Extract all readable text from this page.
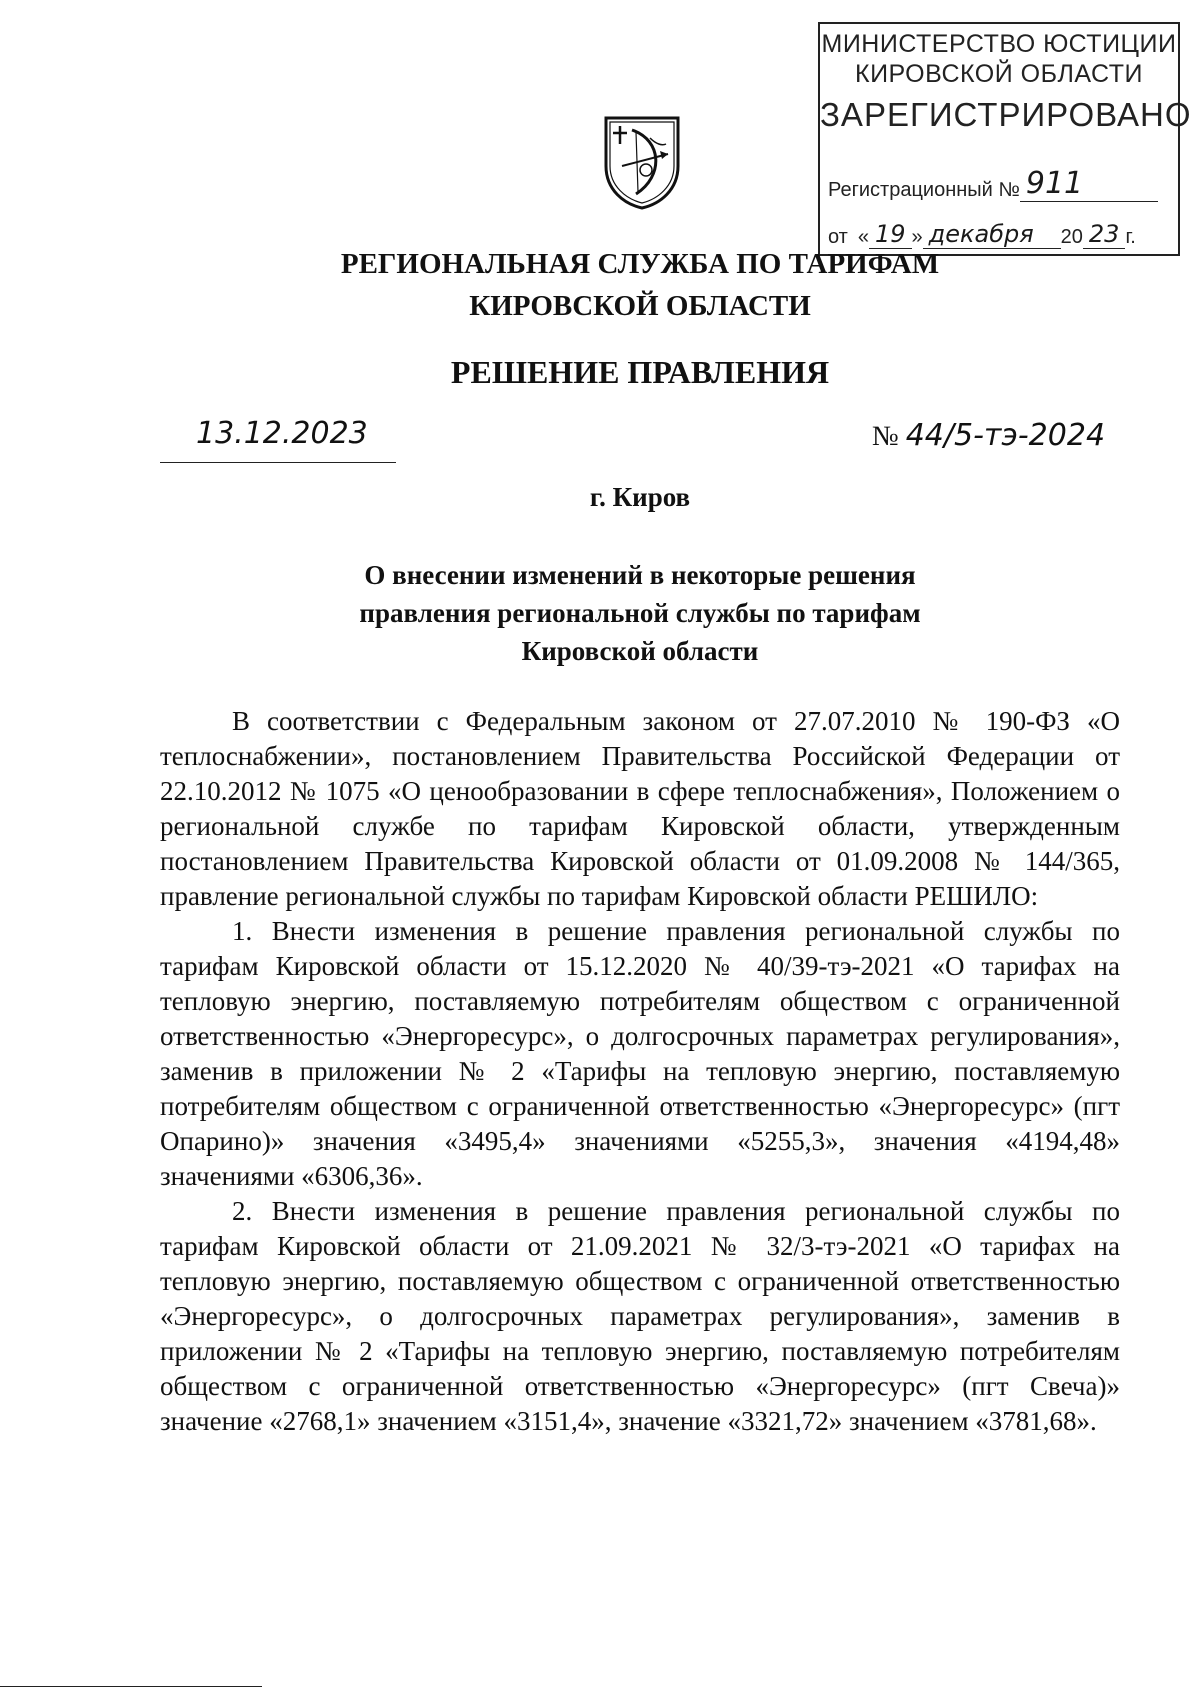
МИНИСТЕРСТВО ЮСТИЦИИ
КИРОВСКОЙ ОБЛАСТИ
ЗАРЕГИСТРИРОВАНО
Регистрационный № 911
от « 19 » декабря	20 23 г.
РЕГИОНАЛЬНАЯ СЛУЖБА ПО ТАРИФАМ
КИРОВСКОЙ ОБЛАСТИ
РЕШЕНИЕ ПРАВЛЕНИЯ
13.12.2023	№ 44/5-тэ-2024
г. Киров
О внесении изменений в некоторые решения
правления региональной службы по тарифам
Кировской области

В соответствии с Федеральным законом от 27.07.2010 № 190-ФЗ «О теплоснабжении», постановлением Правительства Российской Федерации от 22.10.2012 № 1075 «О ценообразовании в сфере теплоснабжения», Положением о региональной службе по тарифам Кировской области, утвержденным постановлением Правительства Кировской области от 01.09.2008 № 144/365, правление региональной службы по тарифам Кировской области РЕШИЛО:

1. Внести изменения в решение правления региональной службы по тарифам Кировской области от 15.12.2020 № 40/39-тэ-2021 «О тарифах на тепловую энергию, поставляемую потребителям обществом с ограниченной ответственностью «Энергоресурс», о долгосрочных параметрах регулирования», заменив в приложении № 2 «Тарифы на тепловую энергию, поставляемую потребителям обществом с ограниченной ответственностью «Энергоресурс» (пгт Опарино)» значения «3495,4» значениями «5255,3», значения «4194,48» значениями «6306,36».

2. Внести изменения в решение правления региональной службы по тарифам Кировской области от 21.09.2021 № 32/3-тэ-2021 «О тарифах на тепловую энергию, поставляемую обществом с ограниченной ответственностью «Энергоресурс», о долгосрочных параметрах регулирования», заменив в приложении № 2 «Тарифы на тепловую энергию, поставляемую потребителям обществом с ограниченной ответственностью «Энергоресурс» (пгт Свеча)» значение «2768,1» значением «3151,4», значение «3321,72» значением «3781,68».
